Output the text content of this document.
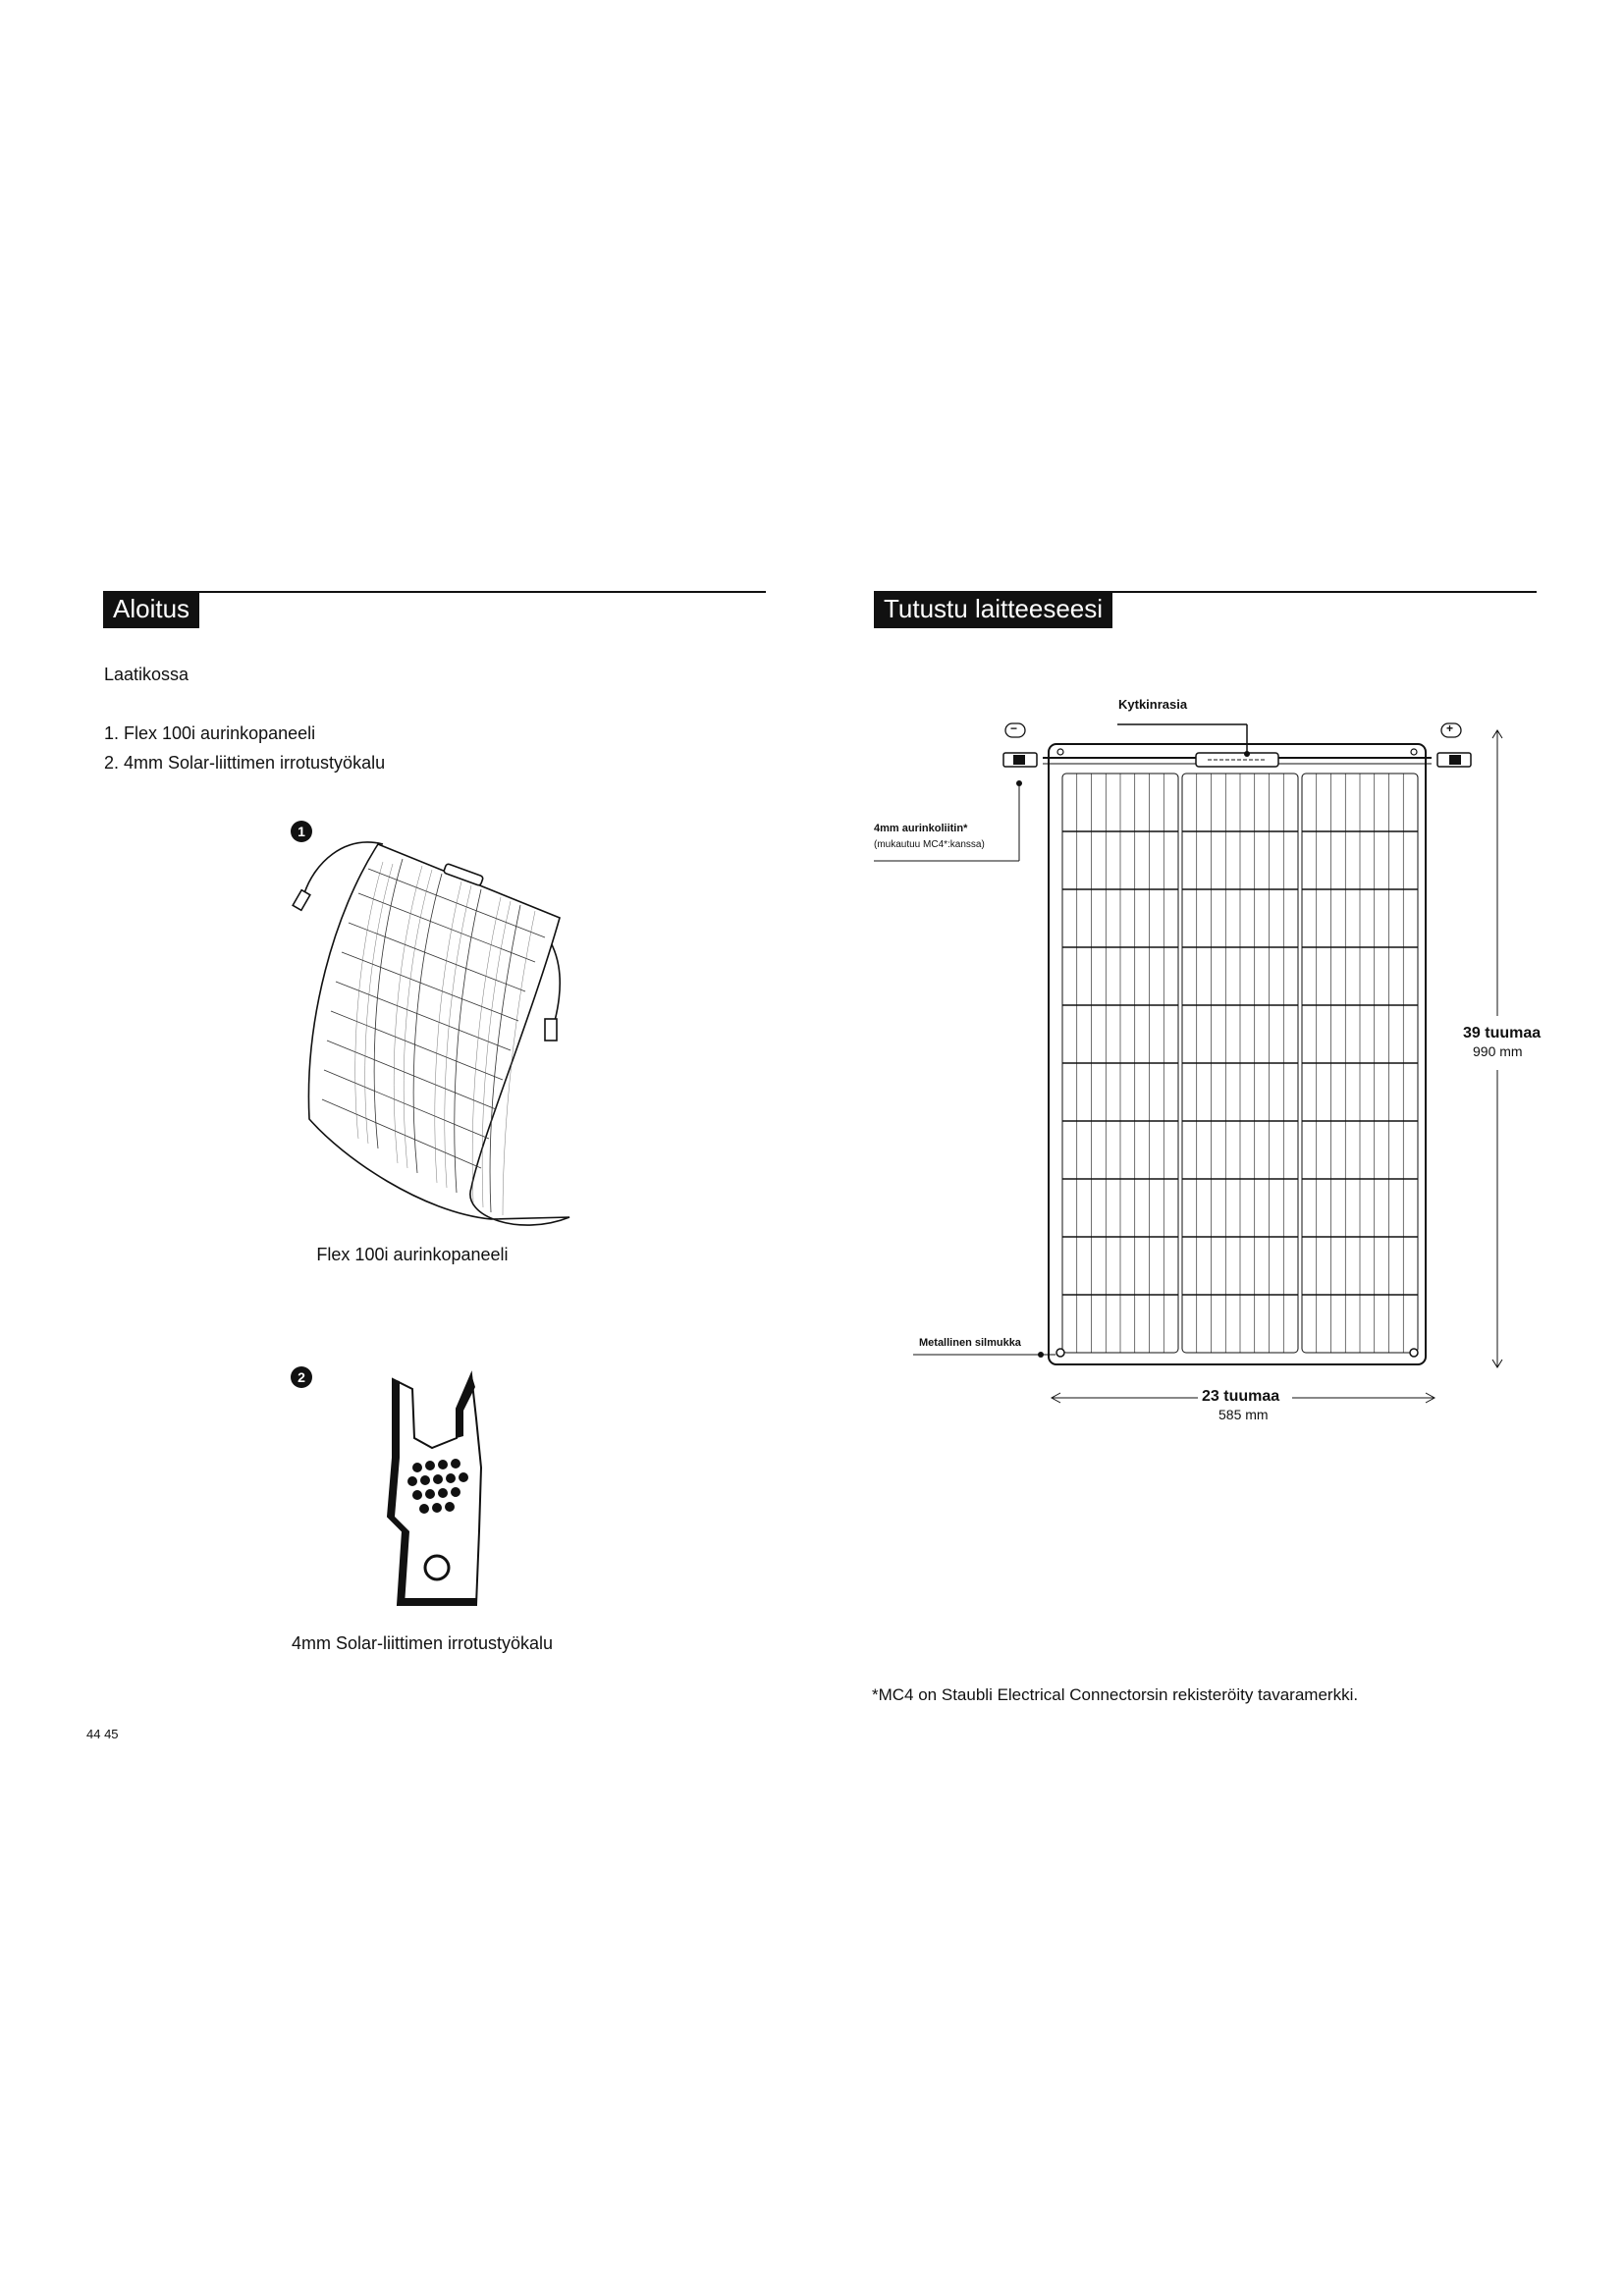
Aloitus
Laatikossa
1. Flex 100i aurinkopaneeli
2. 4mm Solar-liittimen irrotustyökalu
1
Flex 100i aurinkopaneeli
2
4mm Solar-liittimen irrotustyökalu
44 45
Tutustu laitteeseesi
Kytkinrasia
−	+
4mm aurinkoliitin*
(mukautuu MC4*:kanssa)
Metallinen silmukka
39 tuumaa
990 mm
23 tuumaa
585 mm
*MC4 on Staubli Electrical Connectorsin rekisteröity tavaramerkki.
